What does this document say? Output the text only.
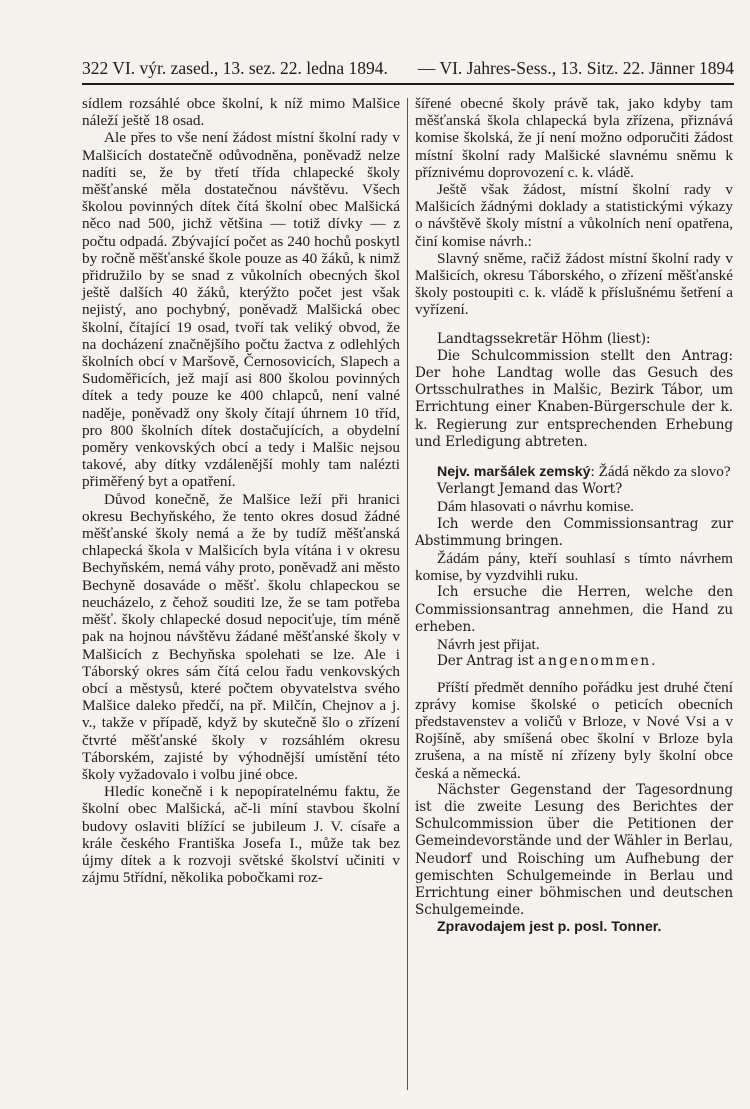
322 VI. výr. zased., 13. sez. 22. ledna 1894. — VI. Jahres-Sess., 13. Sitz. 22. Jänner 1894

sídlem rozsáhlé obce školní, k níž mimo Malšice náleží ještě 18 osad.

Ale přes to vše není žádost místní školní rady v Malšicích dostatečně odůvodněna, poněvadž nelze nadíti se, že by třetí třída chlapecké školy měšťanské měla dostatečnou návštěvu. Všech školou povinných dítek čítá školní obec Malšická něco nad 500, jichž většina — totiž dívky — z počtu odpadá. Zbývající počet as 240 hochů poskytl by ročně měšťanské škole pouze as 40 žáků, k nimž přidružilo by se snad z vůkolních obecných škol ještě dalších 40 žáků, kterýžto počet jest však nejistý, ano pochybný, poněvadž Malšická obec školní, čítající 19 osad, tvoří tak veliký obvod, že na docházení značnějšího počtu žactva z odlehlých školních obcí v Maršově, Černosovicích, Slapech a Sudoměřicích, jež mají asi 800 školou povinných dítek a tedy pouze ke 400 chlapců, není valné naděje, poněvadž ony školy čítají úhrnem 10 tříd, pro 800 školních dítek dostačujících, a obydelní poměry venkovských obcí a tedy i Malšic nejsou takové, aby dítky vzdálenější mohly tam nalézti přiměřený byt a opatření.

Důvod konečně, že Malšice leží při hranici okresu Bechyňského, že tento okres dosud žádné měšťanské školy nemá a že by tudíž měšťanská chlapecká škola v Malšicích byla vítána i v okresu Bechyňském, nemá váhy proto, poněvadž ani město Bechyně dosaváde o měšť. školu chlapeckou se neucházelo, z čehož souditi lze, že se tam potřeba měšť. školy chlapecké dosud nepociťuje, tím méně pak na hojnou návštěvu žádané měšťanské školy v Malšicích z Bechyňska spolehati se lze. Ale i Táborský okres sám čítá celou řadu venkovských obcí a městysů, které počtem obyvatelstva svého Malšice daleko předčí, na př. Milčín, Chejnov a j. v., takže v případě, když by skutečně šlo o zřízení čtvrté měšťanské školy v rozsáhlém okresu Táborském, zajisté by výhodnější umístění této školy vyžadovalo i volbu jiné obce.

Hledíc konečně i k nepopíratelnému faktu, že školní obec Malšická, ač-li míní stavbou školní budovy oslaviti blížící se jubileum J. V. císaře a krále českého Františka Josefa I., může tak bez újmy dítek a k rozvoji světské školství učiniti v zájmu 5třídní, několika pobočkami roz-

šířené obecné školy právě tak, jako kdyby tam měšťanská škola chlapecká byla zřízena, přiznává komise školská, že jí není možno odporučiti žádost místní školní rady Malšické slavnému sněmu k příznivému doprovození c. k. vládě.

Ještě však žádost, místní školní rady v Malšicích žádnými doklady a statistickými výkazy o návštěvě školy místní a vůkolních není opatřena, činí komise návrh.:

Slavný sněme, račiž žádost místní školní rady v Malšicích, okresu Táborského, o zřízení měšťanské školy postoupiti c. k. vládě k příslušnému šetření a vyřízení.

Landtagssekretär Höhm (liest):

Die Schulcommission stellt den Antrag: Der hohe Landtag wolle das Gesuch des Ortsschulrathes in Malšic, Bezirk Tábor, um Errichtung einer Knaben-Bürgerschule der k. k. Regierung zur entsprechenden Erhebung und Erledigung abtreten.

Nejv. maršálek zemský: Žádá někdo za slovo?

Verlangt Jemand das Wort?

Dám hlasovati o návrhu komise.

Ich werde den Commissionsantrag zur Abstimmung bringen.

Žádám pány, kteří souhlasí s tímto návrhem komise, by vyzdvihli ruku.

Ich ersuche die Herren, welche den Commissionsantrag annehmen, die Hand zu erheben.

Návrh jest přijat.

Der Antrag ist angenommen.

Příští předmět denního pořádku jest druhé čtení zprávy komise školské o peticích obecních představenstev a voličů v Brloze, v Nové Vsi a v Rojšíně, aby smíšená obec školní v Brloze byla zrušena, a na místě ní zřízeny byly školní obce česká a německá.

Nächster Gegenstand der Tagesordnung ist die zweite Lesung des Berichtes der Schulcommission über die Petitionen der Gemeindevorstände und der Wähler in Berlau, Neudorf und Roisching um Aufhebung der gemischten Schulgemeinde in Berlau und Errichtung einer böhmischen und deutschen Schulgemeinde.

Zpravodajem jest p. posl. Tonner.
